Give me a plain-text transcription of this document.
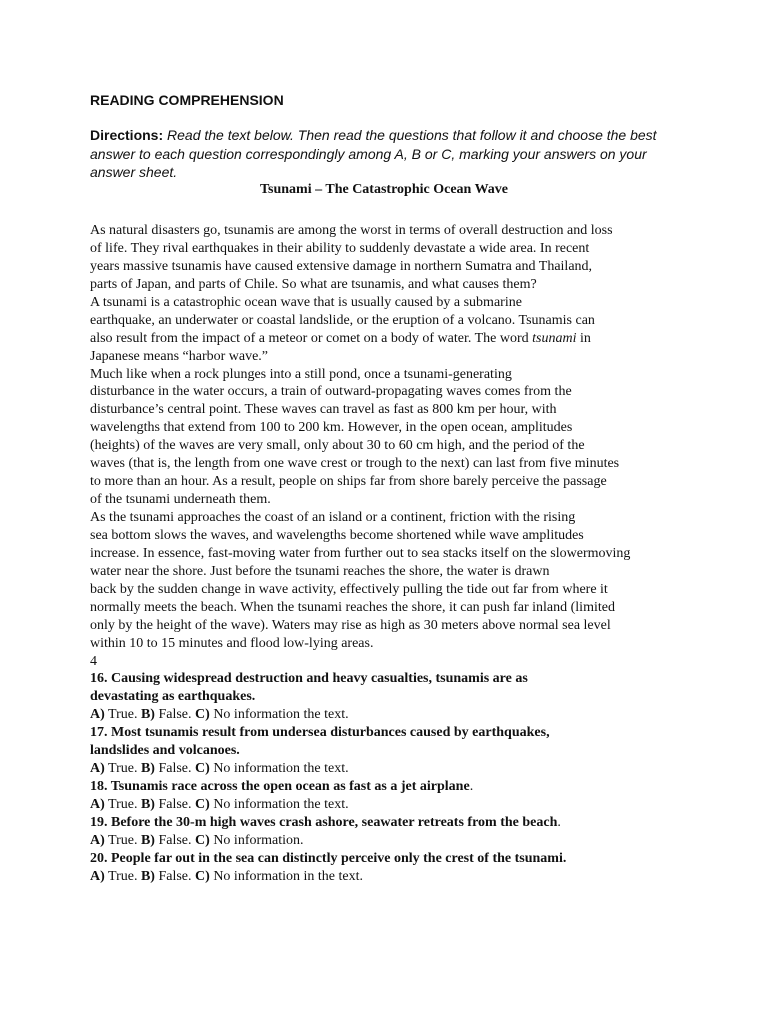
READING COMPREHENSION
Directions: Read the text below. Then read the questions that follow it and choose the best answer to each question correspondingly among A, B or C, marking your answers on your answer sheet.
Tsunami – The Catastrophic Ocean Wave
As natural disasters go, tsunamis are among the worst in terms of overall destruction and loss
of life. They rival earthquakes in their ability to suddenly devastate a wide area. In recent
years massive tsunamis have caused extensive damage in northern Sumatra and Thailand,
parts of Japan, and parts of Chile. So what are tsunamis, and what causes them?
A tsunami is a catastrophic ocean wave that is usually caused by a submarine
earthquake, an underwater or coastal landslide, or the eruption of a volcano. Tsunamis can
also result from the impact of a meteor or comet on a body of water. The word tsunami in
Japanese means “harbor wave.”
Much like when a rock plunges into a still pond, once a tsunami-generating
disturbance in the water occurs, a train of outward-propagating waves comes from the
disturbance’s central point. These waves can travel as fast as 800 km per hour, with
wavelengths that extend from 100 to 200 km. However, in the open ocean, amplitudes
(heights) of the waves are very small, only about 30 to 60 cm high, and the period of the
waves (that is, the length from one wave crest or trough to the next) can last from five minutes
to more than an hour. As a result, people on ships far from shore barely perceive the passage
of the tsunami underneath them.
As the tsunami approaches the coast of an island or a continent, friction with the rising
sea bottom slows the waves, and wavelengths become shortened while wave amplitudes
increase. In essence, fast-moving water from further out to sea stacks itself on the slowermoving
water near the shore. Just before the tsunami reaches the shore, the water is drawn
back by the sudden change in wave activity, effectively pulling the tide out far from where it
normally meets the beach. When the tsunami reaches the shore, it can push far inland (limited
only by the height of the wave). Waters may rise as high as 30 meters above normal sea level
within 10 to 15 minutes and flood low-lying areas.
4
16. Causing widespread destruction and heavy casualties, tsunamis are as
devastating as earthquakes.
A) True. B) False. C) No information the text.
17. Most tsunamis result from undersea disturbances caused by earthquakes,
landslides and volcanoes.
A) True. B) False. C) No information the text.
18. Tsunamis race across the open ocean as fast as a jet airplane.
A) True. B) False. C) No information the text.
19. Before the 30-m high waves crash ashore, seawater retreats from the beach.
A) True. B) False. C) No information.
20. People far out in the sea can distinctly perceive only the crest of the tsunami.
A) True. B) False. C) No information in the text.
